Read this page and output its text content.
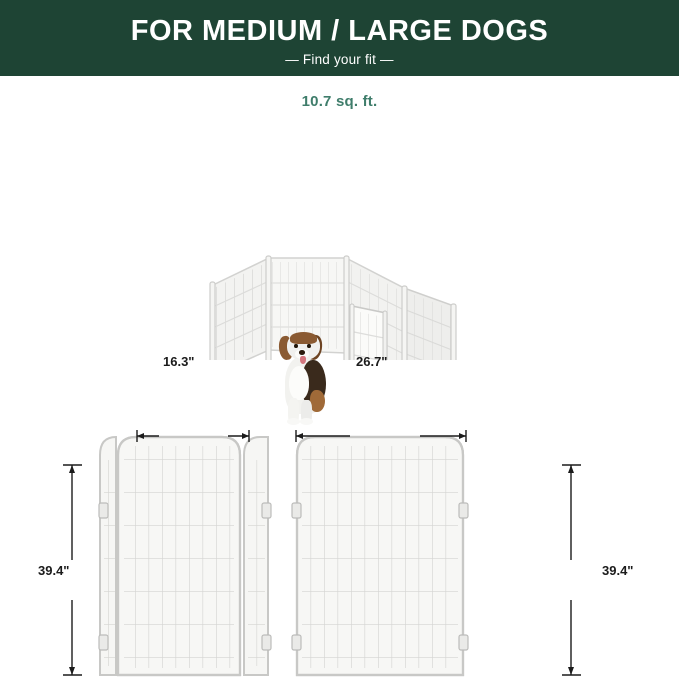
FOR MEDIUM / LARGE DOGS
— Find your fit —
10.7 sq. ft.
16.3"	26.7"
39.4"	39.4"
